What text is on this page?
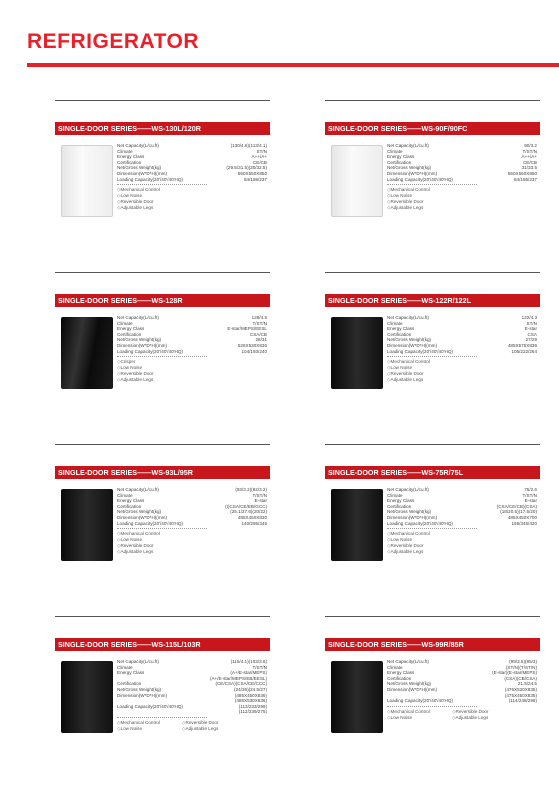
REFRIGERATOR
SINGLE-DOOR SERIES——WS-130L/120R
Net Capacity(L/cu.ft)	(130/4.6)(113/4.1)
Climate	ST/N
Energy Class	A++/A+
Certification	CE/CB
Net/Gross Weight(kg)	(29.5/31.5)(30/32.5)
Dimension(W*D*H)(mm)	550X550X850
Loading Capacity(20'/40'/40'HQ)	84/186/237
◇ Mechanical Control
◇ Low Noise
◇ Reversible Door
◇ Adjustable Legs
SINGLE-DOOR SERIES——WS-90F/90FC
Net Capacity(L/cu.ft)	90/3.2
Climate	T/ST/N
Energy Class	A++/A+
Certification	CE/CB
Net/Gross Weight(kg)	31/33.5
Dimension(W*D*H)(mm)	550X560X850
Loading Capacity(20'/40'/40'HQ)	84/186/237
◇ Mechanical Control
◇ Low Noise
◇ Reversible Door
◇ Adjustable Legs
SINGLE-DOOR SERIES——WS-128R
Net Capacity(L/cu.ft)	128/4.5
Climate	T/ST/N
Energy Class	E-star/MEPS/EESL
Certification	CSA/CB
Net/Gross Weight(kg)	28/31
Dimension(W*D*H)(mm)	526X530X836
Loading Capacity(20'/40'/40'HQ)	104/193/240
◇ Crisper
◇ Low Noise
◇ Reversible Door
◇ Adjustable Legs
SINGLE-DOOR SERIES——WS-122R/122L
Net Capacity(L/cu.ft)	122/4.3
Climate	ST/N
Energy Class	E-star
Certification	CSA
Net/Gross Weight(kg)	27/29
Dimension(W*D*H)(mm)	485X575X836
Loading Capacity(20'/40'/40'HQ)	105/222/264
◇ Mechanical Control
◇ Low Noise
◇ Reversible Door
◇ Adjustable Legs
SINGLE-DOOR SERIES——WS-93L/95R
Net Capacity(L/cu.ft)	(93/3.2)(82/3.2)
Climate	T/ST/N
Energy Class	E-star
Certification	(I)CSA/CE/EB/GCC)
Net/Gross Weight(kg)	(25.1/27.6)(20/22)
Dimension(W*D*H)(mm)	485X450X830
Loading Capacity(20'/40'/40'HQ)	140/295/345
◇ Mechanical Control
◇ Low Noise
◇ Reversible Door
◇ Adjustable Legs
SINGLE-DOOR SERIES——WS-75R/75L
Net Capacity(L/cu.ft)	75/2.6
Climate	T/ST/N
Energy Class	E-star
Certification	(CSA/CE/CB)(CSA)
Net/Gross Weight(kg)	(18/20.5)(17.5/20)
Dimension(W*D*H)(mm)	485X450X700
Loading Capacity(20'/40'/40'HQ)	165/345/420
◇ Mechanical Control
◇ Low Noise
◇ Reversible Door
◇ Adjustable Legs
SINGLE-DOOR SERIES——WS-115L/103R
Net Capacity(L/cu.ft)	(115/4.1)(103/3.6)
Climate	T/ST/N
Energy Class	(A+/E-star/MEPS)
(A+/E-star/MEPS/EB/EESL)
Certification	(CE/CSA)(CSA/CE/CCC)
Net/Gross Weight(kg)	(24/26)(24.5/27)
Dimension(W*D*H)(mm)	(485X450X836)
(485X530X836)
Loading Capacity(20'/40'/40'HQ)	(113/233/299)
(112/239/275)
◇ Mechanical Control	◇ Reversible Door
◇ Low Noise	◇ Adjustable Legs
SINGLE-DOOR SERIES——WS-99R/85R
Net Capacity(L/cu.ft)	(99/3.5)(85/3)
Climate	(ST/N)(T/ST/N)
Energy Class	(E-star)(E-star/MEPS)
Certification	(CSA)(CB/CSA)
Net/Gross Weight(kg)	21.5/24.5
Dimension(W*D*H)(mm)	(475X520X835)
(475X450X835)
Loading Capacity(20'/40'/40'HQ)	(114/248/298)
◇ Mechanical Control	◇ Reversible Door
◇ Low Noise	◇ Adjustable Legs
